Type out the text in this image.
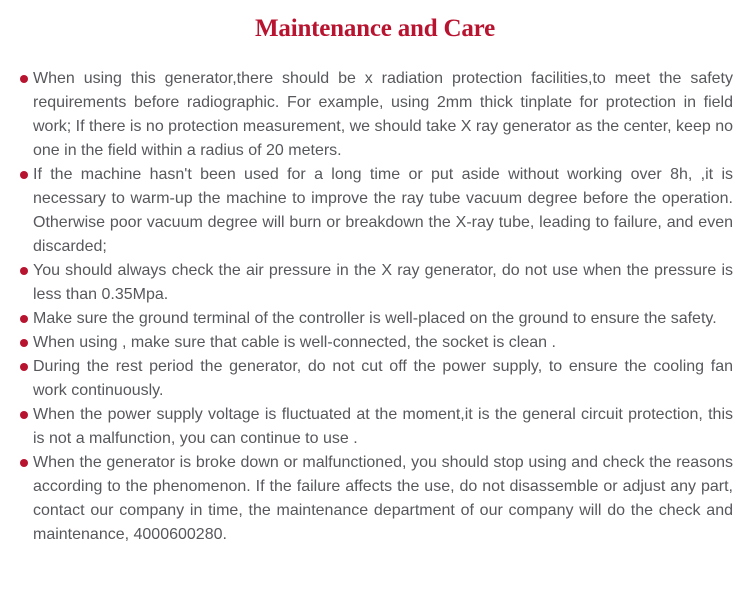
Maintenance and Care
When using this generator,there should be x radiation protection facilities,to meet the safety requirements before radiographic. For example, using 2mm thick tinplate for protection in field work; If there is no protection measurement, we should take X ray generator as the center, keep no one in the field within a radius of 20 meters.
If the machine hasn't been used for a long time or put aside without working over 8h, ,it is necessary to warm-up the machine to improve the ray tube vacuum degree before the operation. Otherwise poor vacuum degree will burn or breakdown the X-ray tube, leading to failure, and even discarded;
You should always check the air pressure in the X ray generator, do not use when the pressure is less than 0.35Mpa.
Make sure the ground terminal of the controller is well-placed on the ground to ensure the safety.
When using , make sure that cable is well-connected, the socket is clean .
During the rest period the generator, do not cut off the power supply, to ensure the cooling fan work continuously.
When the power supply voltage is fluctuated at the moment,it is the general circuit protection, this is not a malfunction, you can continue to use .
When the generator is broke down or malfunctioned, you should stop using and check the reasons according to the phenomenon. If the failure affects the use, do not disassemble or adjust any part, contact our company in time, the maintenance department of our company will do the check and maintenance, 4000600280.
